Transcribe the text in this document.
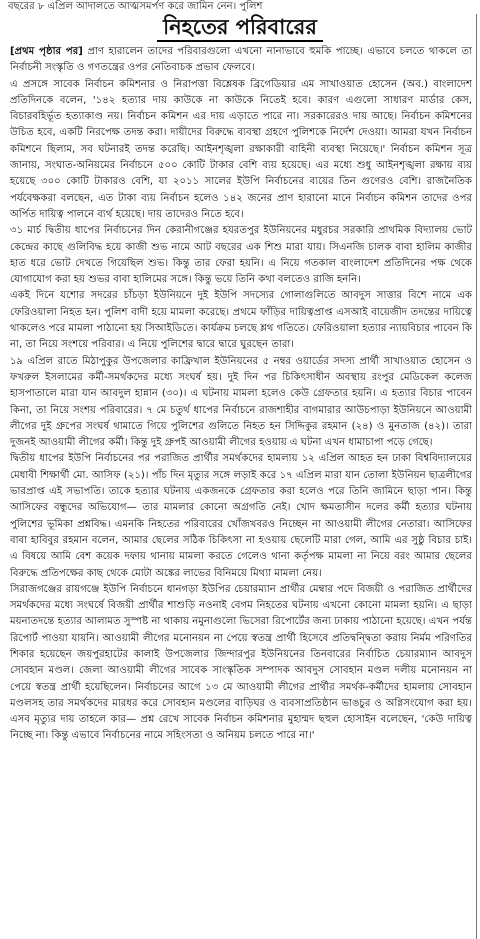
বছরের ৮ এপ্রিল আদালতে আত্মসমর্পণ করে জামিন নেন। পুলিশ
নিহতের পরিবারের

[প্রথম পৃষ্ঠার পর] প্রাণ হারালেন তাদের পরিবারগুলো এখনো নানাভাবে হুমকি পাচ্ছে। এভাবে চলতে থাকলে তা নির্বাচনী সংস্কৃতি ও গণতন্ত্রের ওপর নেতিবাচক প্রভাব ফেলবে।

এ প্রসঙ্গে সাবেক নির্বাচন কমিশনার ও নিরাপত্তা বিশ্লেষক ব্রিগেডিয়ার এম সাখাওয়াত হোসেন (অব.) বাংলাদেশ প্রতিদিনকে বলেন, '১৪২ হত্যার দায় কাউকে না কাউকে নিতেই হবে। কারণ এগুলো সাধারণ মার্ডার কেস, বিচারবহির্ভূত হত্যাকাণ্ড নয়। নির্বাচন কমিশন এর দায় এড়াতে পারে না। সরকারেরও দায় আছে। নির্বাচন কমিশনের উচিত হবে, একটি নিরপেক্ষ তদন্ত করা। দায়ীদের বিরুদ্ধে ব্যবস্থা গ্রহণে পুলিশকে নির্দেশ দেওয়া। আমরা যখন নির্বাচন কমিশনে ছিলাম, সব ঘটনারই তদন্ত করেছি। আইনশৃঙ্খলা রক্ষাকারী বাহিনী ব্যবস্থা নিয়েছে।' নির্বাচন কমিশন সূত্র জানায়, সংঘাত-অনিয়মের নির্বাচনে ৫০০ কোটি টাকার বেশি ব্যয় হয়েছে। এর মধ্যে শুধু আইনশৃঙ্খলা রক্ষায় ব্যয় হয়েছে ৩০০ কোটি টাকারও বেশি, যা ২০১১ সালের ইউপি নির্বাচনের ব্যয়ের তিন গুণেরও বেশি। রাজনৈতিক পর্যবেক্ষকরা বলছেন, এত টাকা ব্যয় নির্বাচন হলেও ১৪২ জনের প্রাণ হারানো মানে নির্বাচন কমিশন তাদের ওপর অর্পিত দায়িত্ব পালনে ব্যর্থ হয়েছে। দায় তাদেরও নিতে হবে।

৩১ মার্চ দ্বিতীয় ধাপের নির্বাচনের দিন কেরানীগঞ্জের হযরতপুর ইউনিয়নের মধুরচর সরকারি প্রাথমিক বিদ্যালয় ভোট কেন্দ্রের কাছে গুলিবিদ্ধ হয়ে কাজী শুভ নামে আট বছরের এক শিশু মারা যায়। সিএনজি চালক বাবা হালিম কাজীর হাত ধরে ভোট দেখতে গিয়েছিল শুভ। কিন্তু তার ফেরা হয়নি। এ নিয়ে গতকাল বাংলাদেশ প্রতিদিনের পক্ষ থেকে যোগাযোগ করা হয় শুভর বাবা হালিমের সঙ্গে। কিন্তু ভয়ে তিনি কথা বলতেও রাজি হননি।

একই দিনে যশোর সদরের চাঁচড়া ইউনিয়নে দুই ইউপি সদস্যের গোলাগুলিতে আবদুস সাত্তার বিশে নামে এক ফেরিওয়ালা নিহত হন। পুলিশ বাদী হয়ে মামলা করেছে। প্রথমে ফাঁড়ির দায়িত্বপ্রাপ্ত এসআই বায়েজীদ তদন্তের দায়িত্বে থাকলেও পরে মামলা পাঠানো হয় সিআইডিতে। কার্যক্রম চলছে শ্লথ গতিতে। ফেরিওয়ালা হত্যার ন্যায়বিচার পাবেন কি না, তা নিয়ে সংশয়ে পরিবার। এ নিয়ে পুলিশের দ্বারে দ্বারে ঘুরছেন তারা।

১৯ এপ্রিল রাতে মিঠাপুকুর উপজেলার কাফ্রিখাল ইউনিয়নের ৫ নম্বর ওয়ার্ডের সদস্য প্রার্থী সাখাওয়াত হোসেন ও ফখরুল ইসলামের কর্মী-সমর্থকদের মধ্যে সংঘর্ষ হয়। দুই দিন পর চিকিৎসাধীন অবস্থায় রংপুর মেডিকেল কলেজ হাসপাতালে মারা যান আবদুল হান্নান (৩০)। এ ঘটনায় মামলা হলেও কেউ গ্রেফতার হয়নি। এ হত্যার বিচার পাবেন কিনা, তা নিয়ে সংশয় পরিবারের। ৭ মে চতুর্থ ধাপের নির্বাচনে রাজশাহীর বাগমারার আউচপাড়া ইউনিয়নে আওয়ামী লীগের দুই গ্রুপের সংঘর্ষ থামাতে গিয়ে পুলিশের গুলিতে নিহত হন সিদ্দিকুর রহমান (২৪) ও মুনতাজ (৪২)। তারা দুজনই আওয়ামী লীগের কর্মী। কিন্তু দুই গ্রুপই আওয়ামী লীগের হওয়ায় এ ঘটনা এখন ধামাচাপা পড়ে গেছে।

দ্বিতীয় ধাপের ইউপি নির্বাচনের পর পরাজিত প্রার্থীর সমর্থকদের হামলায় ১২ এপ্রিল আহত হন ঢাকা বিশ্ববিদ্যালয়ের মেধাবী শিক্ষার্থী মো. আসিফ (২১)। পাঁচ দিন মৃত্যুর সঙ্গে লড়াই করে ১৭ এপ্রিল মারা যান তোলা ইউনিয়ন ছাত্রলীগের ভারপ্রাপ্ত এই সভাপতি। তাকে হত্যার ঘটনায় একজনকে গ্রেফতার করা হলেও পরে তিনি জামিনে ছাড়া পান। কিন্তু আসিফের বন্ধুদের অভিযোগ— তার মামলার কোনো অগ্রগতি নেই। খোদ ক্ষমতাসীন দলের কর্মী হত্যার ঘটনায় পুলিশের ভূমিকা প্রশ্নবিদ্ধ। এমনকি নিহতের পরিবারের খোঁজখবরও নিচ্ছেন না আওয়ামী লীগের নেতারা। আসিফের বাবা হাবিবুর রহমান বলেন, আমার ছেলের সঠিক চিকিৎসা না হওয়ায় ছেলেটি মারা গেল, আমি এর সুষ্ঠু বিচার চাই। এ বিষয়ে আমি বেশ কয়েক দফায় থানায় মামলা করতে গেলেও থানা কর্তৃপক্ষ মামলা না নিয়ে বরং আমার ছেলের বিরুদ্ধে প্রতিপক্ষের কাছ থেকে মোটা অঙ্কের লাভের বিনিময়ে মিথ্যা মামলা নেয়।

সিরাজগঞ্জের রায়গঞ্জে ইউপি নির্বাচনে ধানগড়া ইউপির চেয়ারম্যান প্রার্থীর মেম্বার পদে বিজয়ী ও পরাজিত প্রার্থীদের সমর্থকদের মধ্যে সংঘর্ষে বিজয়ী প্রার্থীর শাশুড়ি নওনাই বেগম নিহতের ঘটনায় এখনো কোনো মামলা হয়নি। এ ছাড়া ময়নাতদন্তে হত্যার আলামত সুস্পষ্ট না থাকায় নমুনাগুলো ভিসেরা রিপোর্টের জন্য ঢাকায় পাঠানো হয়েছে। এখন পর্যন্ত রিপোর্ট পাওয়া যায়নি। আওয়ামী লীগের মনোনয়ন না পেয়ে স্বতন্ত্র প্রার্থী হিসেবে প্রতিদ্বন্দ্বিতা করায় নির্মম পরিণতির শিকার হয়েছেন জয়পুরহাটের কালাই উপজেলার জিন্দারপুর ইউনিয়নের তিনবারের নির্বাচিত চেয়ারম্যান আবদুস সোবহান মণ্ডল। জেলা আওয়ামী লীগের সাবেক সাংস্কৃতিক সম্পাদক আবদুস সোবহান মণ্ডল দলীয় মনোনয়ন না পেয়ে স্বতন্ত্র প্রার্থী হয়েছিলেন। নির্বাচনের আগে ১৩ মে আওয়ামী লীগের প্রার্থীর সমর্থক-কর্মীদের হামলায় সোবহান মণ্ডলসহ তার সমর্থকদের মারধর করে সোবহান মণ্ডলের বাড়িঘর ও ব্যবসাপ্রতিষ্ঠান ভাঙচুর ও অগ্নিসংযোগ করা হয়। এসব মৃত্যুর দায় তাহলে কার— প্রশ্ন রেখে সাবেক নির্বাচন কমিশনার মুহাম্মদ ছহুল হোসাইন বলেছেন, 'কেউ দায়িত্ব নিচ্ছে না। কিন্তু এভাবে নির্বাচনের নামে সহিংসতা ও অনিয়ম চলতে পারে না।'
